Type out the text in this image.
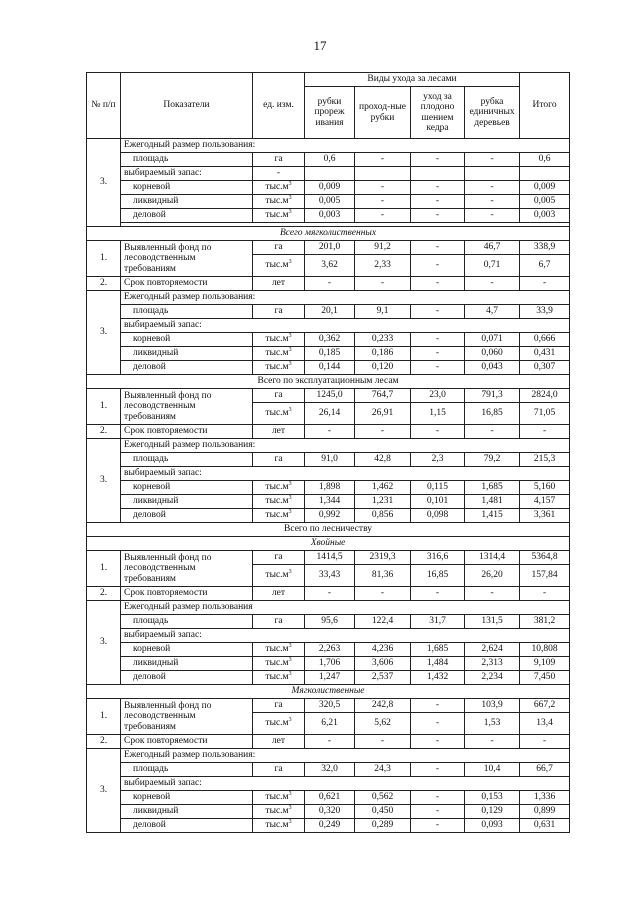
17
№ п/п	Показатели	ед. изм.	Виды ухода за лесами				Итого
			рубки прореж ивания	проход-ные рубки	уход за плодоно шением кедра	рубка единичных деревьев	
3.	Ежегодный размер пользования:						
	площадь	га	0,6	-	-	-	0,6
	выбираемый запас:	-					
	корневой	$тыс.м^3$	0,009	-	-	-	0,009
	ликвидный	$тыс.м^3$	0,005	-	-	-	0,005
	деловой	$тыс.м^3$	0,003	-	-	-	0,003

Всего мягколиственных							
1.	Выявленный фонд по лесоводственным требованиям	га	201,0	91,2	-	46,7	338,9
		$тыс.м^3$	3,62	2,33	-	0,71	6,7
2.	Срок повторяемости	лет	-	-	-	-	-
3.	Ежегодный размер пользования:						
	площадь	га	20,1	9,1	-	4,7	33,9
	выбираемый запас:						
	корневой	$тыс.м^3$	0,362	0,233	-	0,071	0,666
	ликвидный	$тыс.м^3$	0,185	0,186	-	0,060	0,431
	деловой	$тыс.м^3$	0,144	0,120	-	0,043	0,307
Всего по эксплуатационным лесам							
1.	Выявленный фонд по лесоводственным требованиям	га	1245,0	764,7	23,0	791,3	2824,0
		$тыс.м^3$	26,14	26,91	1,15	16,85	71,05
2.	Срок повторяемости	лет	-	-	-	-	-
3.	Ежегодный размер пользования:						
	площадь	га	91,0	42,8	2,3	79,2	215,3
	выбираемый запас:						
	корневой	$тыс.м^3$	1,898	1,462	0,115	1,685	5,160
	ликвидный	$тыс.м^3$	1,344	1,231	0,101	1,481	4,157
	деловой	$тыс.м^3$	0,992	0,856	0,098	1,415	3,361
Всего по лесничеству							
Хвойные							
1.	Выявленный фонд по лесоводственным требованиям	га	1414,5	2319,3	316,6	1314,4	5364,8
		$тыс.м^3$	33,43	81,36	16,85	26,20	157,84
2.	Срок повторяемости	лет	-	-	-	-	-
3.	Ежегодный размер пользования						
	площадь	га	95,6	122,4	31,7	131,5	381,2
	выбираемый запас:						
	корневой	$тыс.м^3$	2,263	4,236	1,685	2,624	10,808
	ликвидный	$тыс.м^3$	1,706	3,606	1,484	2,313	9,109
	деловой	$тыс.м^3$	1,247	2,537	1,432	2,234	7,450
Мягколиственные							
1.	Выявленный фонд по лесоводственным требованиям	га	320,5	242,8	-	103,9	667,2
		$тыс.м^3$	6,21	5,62	-	1,53	13,4
2.	Срок повторяемости	лет	-	-	-	-	-
3.	Ежегодный размер пользования:						
	площадь	га	32,0	24,3	-	10,4	66,7
	выбираемый запас:						
	корневой	$тыс.м^3$	0,621	0,562	-	0,153	1,336
	ликвидный	$тыс.м^3$	0,320	0,450	-	0,129	0,899
	деловой	$тыс.м^3$	0,249	0,289	-	0,093	0,631
